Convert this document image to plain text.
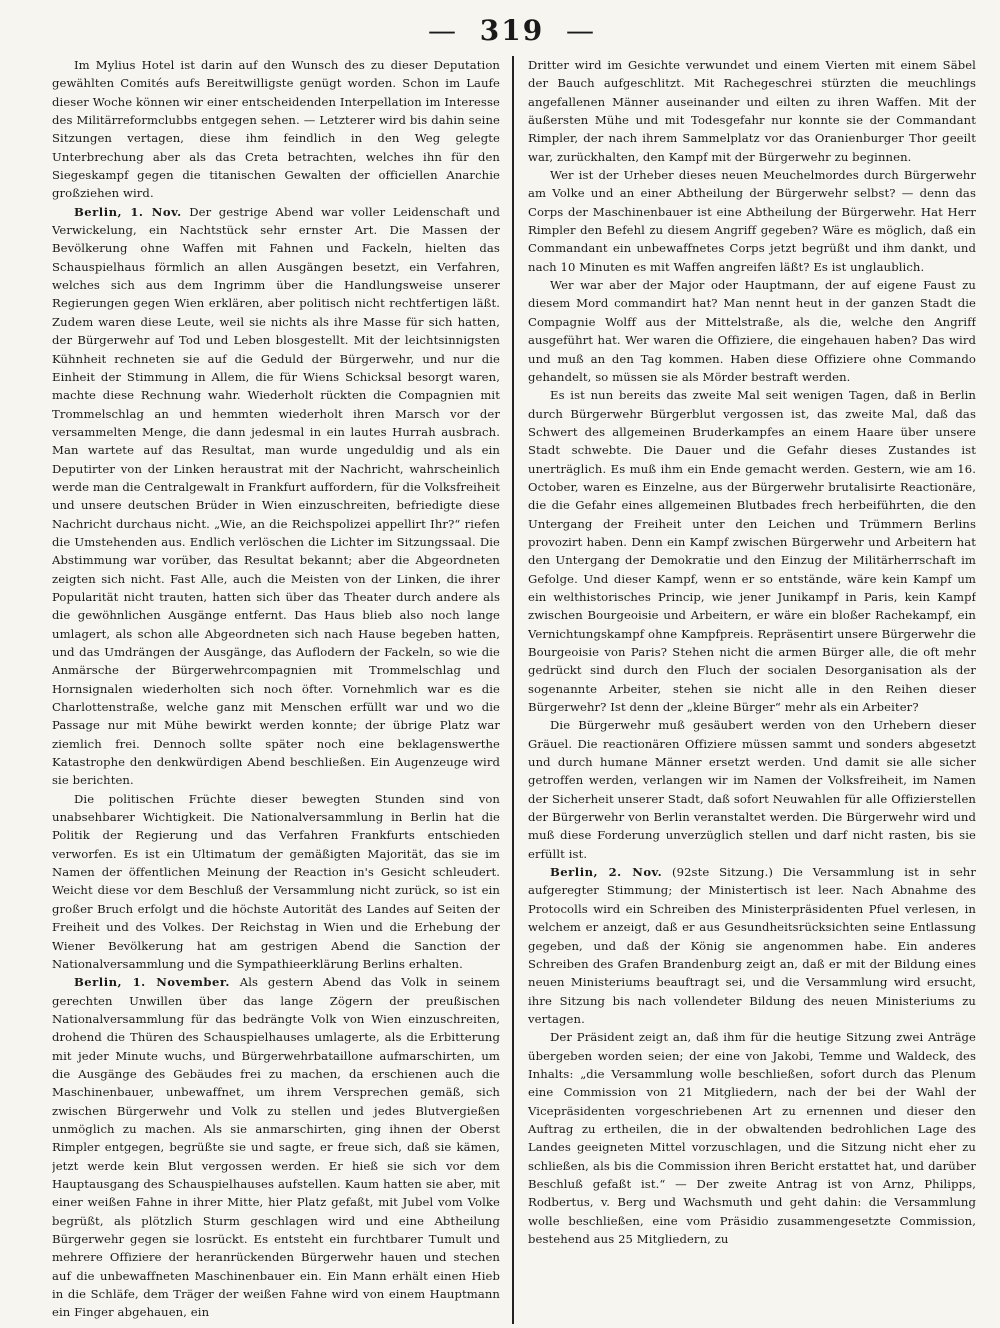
— 319 —

Im Mylius Hotel ist darin auf den Wunsch des zu dieser Deputation gewählten Comités aufs Bereitwilligste genügt worden. Schon im Laufe dieser Woche können wir einer entscheidenden Interpellation im Interesse des Militärreformclubbs entgegen sehen. — Letzterer wird bis dahin seine Sitzungen vertagen, diese ihm feindlich in den Weg gelegte Unterbrechung aber als das Creta betrachten, welches ihn für den Siegeskampf gegen die titanischen Gewalten der officiellen Anarchie großziehen wird.

Berlin, 1. Nov. Der gestrige Abend war voller Leidenschaft und Verwickelung, ein Nachtstück sehr ernster Art. Die Massen der Bevölkerung ohne Waffen mit Fahnen und Fackeln, hielten das Schauspielhaus förmlich an allen Ausgängen besetzt, ein Verfahren, welches sich aus dem Ingrimm über die Handlungsweise unserer Regierungen gegen Wien erklären, aber politisch nicht rechtfertigen läßt. Zudem waren diese Leute, weil sie nichts als ihre Masse für sich hatten, der Bürgerwehr auf Tod und Leben blosgestellt. Mit der leichtsinnigsten Kühnheit rechneten sie auf die Geduld der Bürgerwehr, und nur die Einheit der Stimmung in Allem, die für Wiens Schicksal besorgt waren, machte diese Rechnung wahr. Wiederholt rückten die Compagnien mit Trommelschlag an und hemmten wiederholt ihren Marsch vor der versammelten Menge, die dann jedesmal in ein lautes Hurrah ausbrach. Man wartete auf das Resultat, man wurde ungeduldig und als ein Deputirter von der Linken heraustrat mit der Nachricht, wahrscheinlich werde man die Centralgewalt in Frankfurt auffordern, für die Volksfreiheit und unsere deutschen Brüder in Wien einzuschreiten, befriedigte diese Nachricht durchaus nicht. „Wie, an die Reichspolizei appellirt Ihr?“ riefen die Umstehenden aus. Endlich verlöschen die Lichter im Sitzungssaal. Die Abstimmung war vorüber, das Resultat bekannt; aber die Abgeordneten zeigten sich nicht. Fast Alle, auch die Meisten von der Linken, die ihrer Popularität nicht trauten, hatten sich über das Theater durch andere als die gewöhnlichen Ausgänge entfernt. Das Haus blieb also noch lange umlagert, als schon alle Abgeordneten sich nach Hause begeben hatten, und das Umdrängen der Ausgänge, das Auflodern der Fackeln, so wie die Anmärsche der Bürgerwehrcompagnien mit Trommelschlag und Hornsignalen wiederholten sich noch öfter. Vornehmlich war es die Charlottenstraße, welche ganz mit Menschen erfüllt war und wo die Passage nur mit Mühe bewirkt werden konnte; der übrige Platz war ziemlich frei. Dennoch sollte später noch eine beklagenswerthe Katastrophe den denkwürdigen Abend beschließen. Ein Augenzeuge wird sie berichten.

Die politischen Früchte dieser bewegten Stunden sind von unabsehbarer Wichtigkeit. Die Nationalversammlung in Berlin hat die Politik der Regierung und das Verfahren Frankfurts entschieden verworfen. Es ist ein Ultimatum der gemäßigten Majorität, das sie im Namen der öffentlichen Meinung der Reaction in's Gesicht schleudert. Weicht diese vor dem Beschluß der Versammlung nicht zurück, so ist ein großer Bruch erfolgt und die höchste Autorität des Landes auf Seiten der Freiheit und des Volkes. Der Reichstag in Wien und die Erhebung der Wiener Bevölkerung hat am gestrigen Abend die Sanction der Nationalversammlung und die Sympathieerklärung Berlins erhalten.

Berlin, 1. November. Als gestern Abend das Volk in seinem gerechten Unwillen über das lange Zögern der preußischen Nationalversammlung für das bedrängte Volk von Wien einzuschreiten, drohend die Thüren des Schauspielhauses umlagerte, als die Erbitterung mit jeder Minute wuchs, und Bürgerwehrbataillone aufmarschirten, um die Ausgänge des Gebäudes frei zu machen, da erschienen auch die Maschinenbauer, unbewaffnet, um ihrem Versprechen gemäß, sich zwischen Bürgerwehr und Volk zu stellen und jedes Blutvergießen unmöglich zu machen. Als sie anmarschirten, ging ihnen der Oberst Rimpler entgegen, begrüßte sie und sagte, er freue sich, daß sie kämen, jetzt werde kein Blut vergossen werden. Er hieß sie sich vor dem Hauptausgang des Schauspielhauses aufstellen. Kaum hatten sie aber, mit einer weißen Fahne in ihrer Mitte, hier Platz gefaßt, mit Jubel vom Volke begrüßt, als plötzlich Sturm geschlagen wird und eine Abtheilung Bürgerwehr gegen sie losrückt. Es entsteht ein furchtbarer Tumult und mehrere Offiziere der heranrückenden Bürgerwehr hauen und stechen auf die unbewaffneten Maschinenbauer ein. Ein Mann erhält einen Hieb in die Schläfe, dem Träger der weißen Fahne wird von einem Hauptmann ein Finger abgehauen, ein

Dritter wird im Gesichte verwundet und einem Vierten mit einem Säbel der Bauch aufgeschlitzt. Mit Rachegeschrei stürzten die meuchlings angefallenen Männer auseinander und eilten zu ihren Waffen. Mit der äußersten Mühe und mit Todesgefahr nur konnte sie der Commandant Rimpler, der nach ihrem Sammelplatz vor das Oranienburger Thor geeilt war, zurückhalten, den Kampf mit der Bürgerwehr zu beginnen.

Wer ist der Urheber dieses neuen Meuchelmordes durch Bürgerwehr am Volke und an einer Abtheilung der Bürgerwehr selbst? — denn das Corps der Maschinenbauer ist eine Abtheilung der Bürgerwehr. Hat Herr Rimpler den Befehl zu diesem Angriff gegeben? Wäre es möglich, daß ein Commandant ein unbewaffnetes Corps jetzt begrüßt und ihm dankt, und nach 10 Minuten es mit Waffen angreifen läßt? Es ist unglaublich.

Wer war aber der Major oder Hauptmann, der auf eigene Faust zu diesem Mord commandirt hat? Man nennt heut in der ganzen Stadt die Compagnie Wolff aus der Mittelstraße, als die, welche den Angriff ausgeführt hat. Wer waren die Offiziere, die eingehauen haben? Das wird und muß an den Tag kommen. Haben diese Offiziere ohne Commando gehandelt, so müssen sie als Mörder bestraft werden.

Es ist nun bereits das zweite Mal seit wenigen Tagen, daß in Berlin durch Bürgerwehr Bürgerblut vergossen ist, das zweite Mal, daß das Schwert des allgemeinen Bruderkampfes an einem Haare über unsere Stadt schwebte. Die Dauer und die Gefahr dieses Zustandes ist unerträglich. Es muß ihm ein Ende gemacht werden. Gestern, wie am 16. October, waren es Einzelne, aus der Bürgerwehr brutalisirte Reactionäre, die die Gefahr eines allgemeinen Blutbades frech herbeiführten, die den Untergang der Freiheit unter den Leichen und Trümmern Berlins provozirt haben. Denn ein Kampf zwischen Bürgerwehr und Arbeitern hat den Untergang der Demokratie und den Einzug der Militärherrschaft im Gefolge. Und dieser Kampf, wenn er so entstände, wäre kein Kampf um ein welthistorisches Princip, wie jener Junikampf in Paris, kein Kampf zwischen Bourgeoisie und Arbeitern, er wäre ein bloßer Rachekampf, ein Vernichtungskampf ohne Kampfpreis. Repräsentirt unsere Bürgerwehr die Bourgeoisie von Paris? Stehen nicht die armen Bürger alle, die oft mehr gedrückt sind durch den Fluch der socialen Desorganisation als der sogenannte Arbeiter, stehen sie nicht alle in den Reihen dieser Bürgerwehr? Ist denn der „kleine Bürger“ mehr als ein Arbeiter?

Die Bürgerwehr muß gesäubert werden von den Urhebern dieser Gräuel. Die reactionären Offiziere müssen sammt und sonders abgesetzt und durch humane Männer ersetzt werden. Und damit sie alle sicher getroffen werden, verlangen wir im Namen der Volksfreiheit, im Namen der Sicherheit unserer Stadt, daß sofort Neuwahlen für alle Offizierstellen der Bürgerwehr von Berlin veranstaltet werden. Die Bürgerwehr wird und muß diese Forderung unverzüglich stellen und darf nicht rasten, bis sie erfüllt ist.

Berlin, 2. Nov. (92ste Sitzung.) Die Versammlung ist in sehr aufgeregter Stimmung; der Ministertisch ist leer. Nach Abnahme des Protocolls wird ein Schreiben des Ministerpräsidenten Pfuel verlesen, in welchem er anzeigt, daß er aus Gesundheitsrücksichten seine Entlassung gegeben, und daß der König sie angenommen habe. Ein anderes Schreiben des Grafen Brandenburg zeigt an, daß er mit der Bildung eines neuen Ministeriums beauftragt sei, und die Versammlung wird ersucht, ihre Sitzung bis nach vollendeter Bildung des neuen Ministeriums zu vertagen.

Der Präsident zeigt an, daß ihm für die heutige Sitzung zwei Anträge übergeben worden seien; der eine von Jakobi, Temme und Waldeck, des Inhalts: „die Versammlung wolle beschließen, sofort durch das Plenum eine Commission von 21 Mitgliedern, nach der bei der Wahl der Vicepräsidenten vorgeschriebenen Art zu ernennen und dieser den Auftrag zu ertheilen, die in der obwaltenden bedrohlichen Lage des Landes geeigneten Mittel vorzuschlagen, und die Sitzung nicht eher zu schließen, als bis die Commission ihren Bericht erstattet hat, und darüber Beschluß gefaßt ist.“ — Der zweite Antrag ist von Arnz, Philipps, Rodbertus, v. Berg und Wachsmuth und geht dahin: die Versammlung wolle beschließen, eine vom Präsidio zusammengesetzte Commission, bestehend aus 25 Mitgliedern, zu
